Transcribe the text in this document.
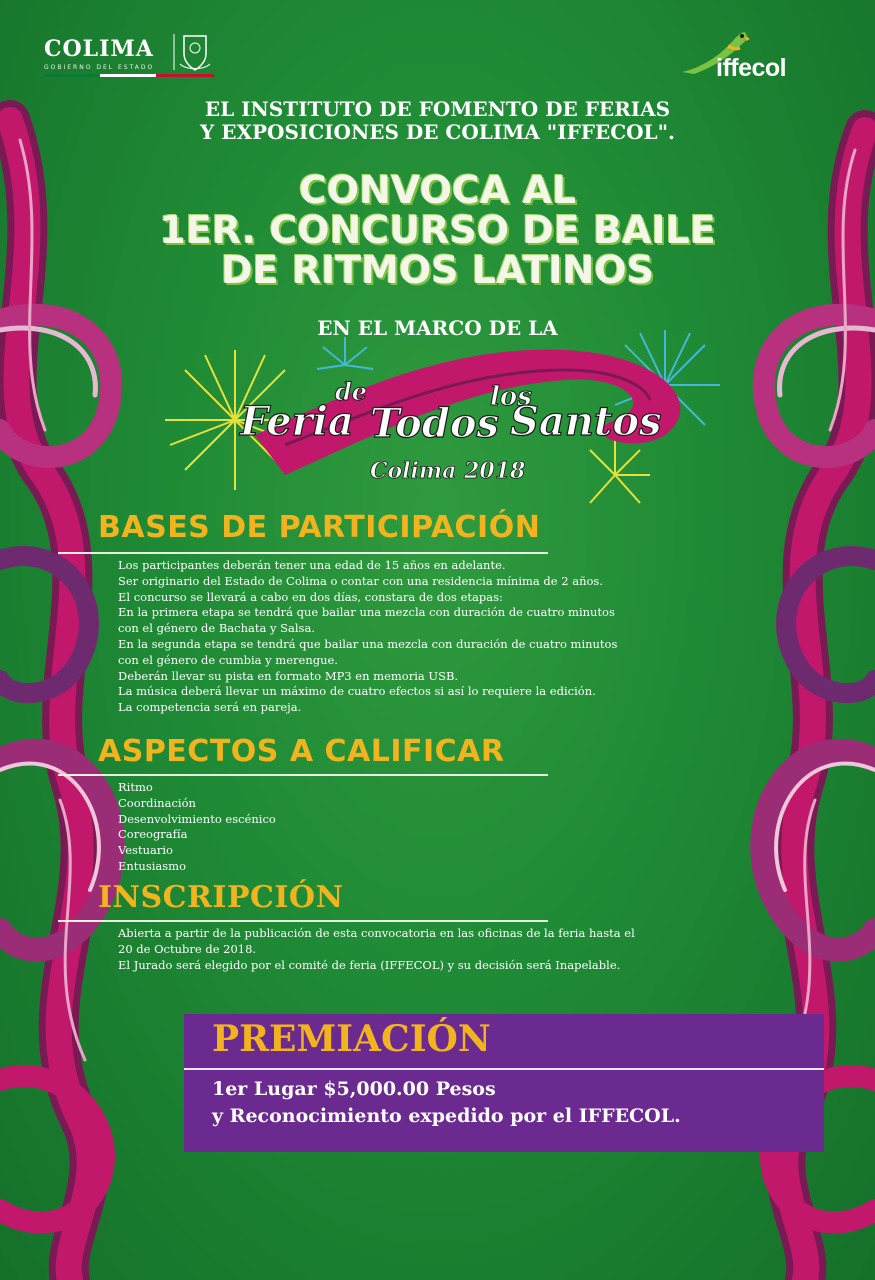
COLIMA
GOBIERNO DEL ESTADO	iffecol
EL INSTITUTO DE FOMENTO DE FERIAS
Y EXPOSICIONES DE COLIMA "IFFECOL".
CONVOCA AL
1ER. CONCURSO DE BAILE
DE RITMOS LATINOS
EN EL MARCO DE LA
Feria
de
Todos
los
Santos
Colima 2018
BASES DE PARTICIPACIÓN
Los participantes deberán tener una edad de 15 años en adelante.
Ser originario del Estado de Colima o contar con una residencia mínima de 2 años.
El concurso se llevará a cabo en dos días, constara de dos etapas:
En la primera etapa se tendrá que bailar una mezcla con duración de cuatro minutos
con el género de Bachata y Salsa.
En la segunda etapa se tendrá que bailar una mezcla con duración de cuatro minutos
con el género de cumbia y merengue.
Deberán llevar su pista en formato MP3 en memoria USB.
La música deberá llevar un máximo de cuatro efectos si así lo requiere la edición.
La competencia será en pareja.
ASPECTOS A CALIFICAR
Ritmo
Coordinación
Desenvolvimiento escénico
Coreografía
Vestuario
Entusiasmo
INSCRIPCIÓN
Abierta a partir de la publicación de esta convocatoria en las oficinas de la feria hasta el
20 de Octubre de 2018.
El Jurado será elegido por el comité de feria (IFFECOL) y su decisión será Inapelable.
PREMIACIÓN
1er Lugar $5,000.00 Pesos
y Reconocimiento expedido por el IFFECOL.
